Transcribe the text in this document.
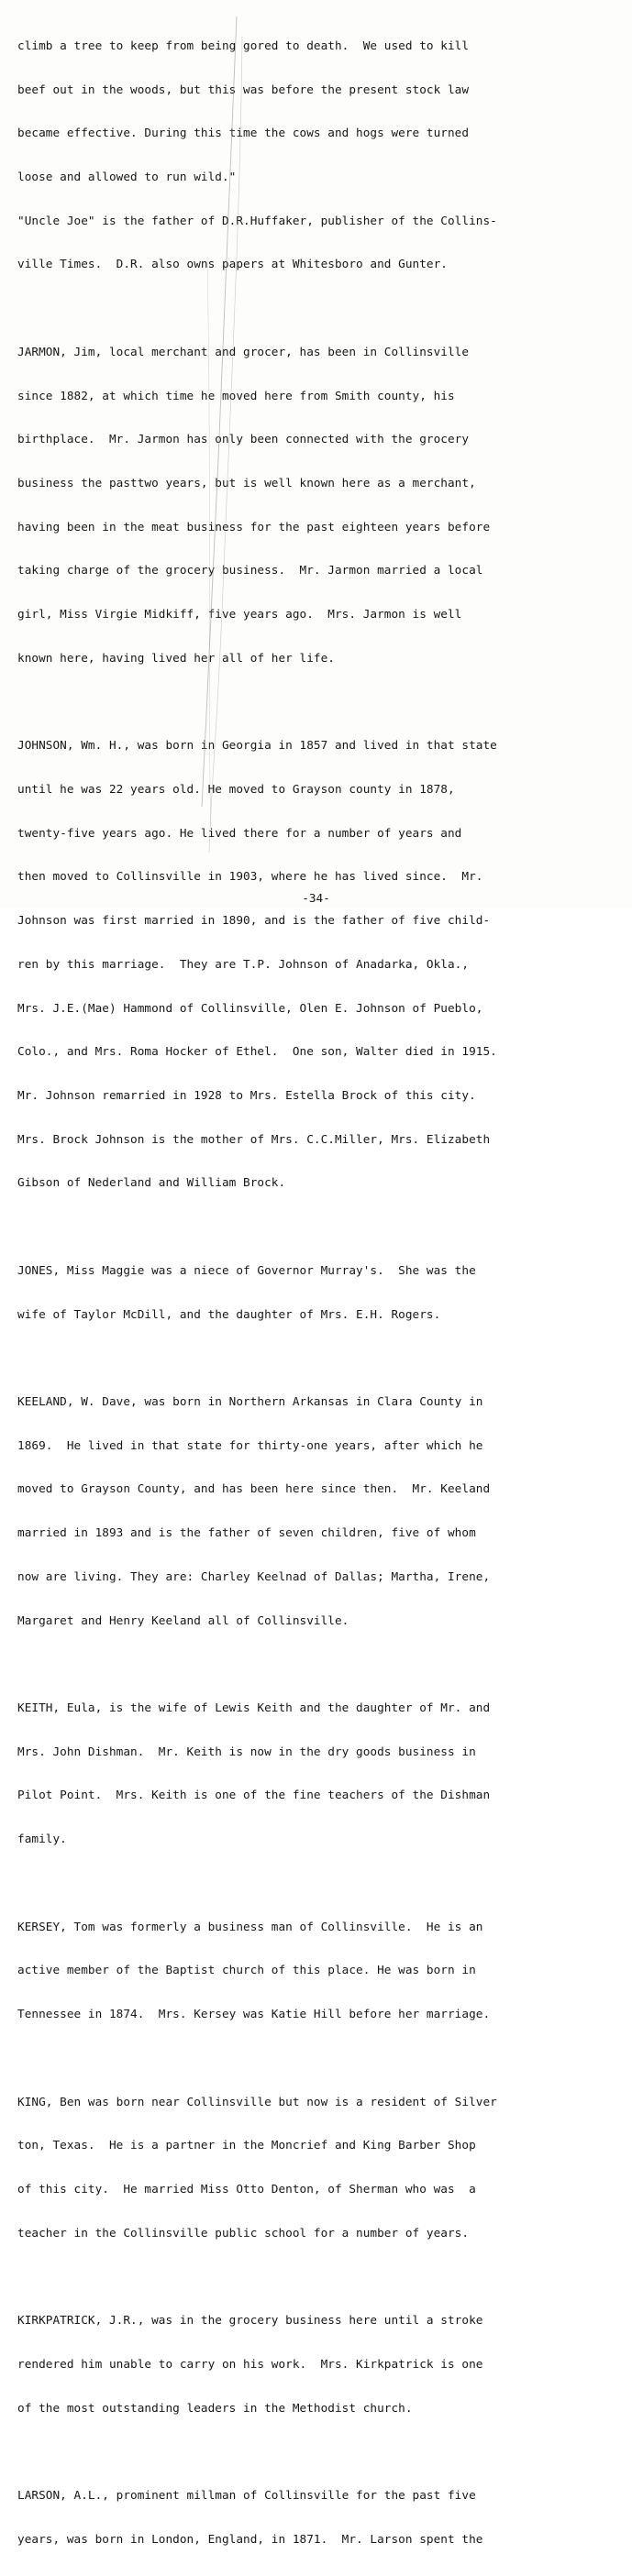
climb a tree to keep from being gored to death.  We used to kill

beef out in the woods, but this was before the present stock law

became effective. During this time the cows and hogs were turned

loose and allowed to run wild."

"Uncle Joe" is the father of D.R.Huffaker, publisher of the Collins-

ville Times.  D.R. also owns papers at Whitesboro and Gunter.

JARMON, Jim, local merchant and grocer, has been in Collinsville

since 1882, at which time he moved here from Smith county, his

birthplace.  Mr. Jarmon has only been connected with the grocery

business the pasttwo years, but is well known here as a merchant,

having been in the meat business for the past eighteen years before

taking charge of the grocery business.  Mr. Jarmon married a local

girl, Miss Virgie Midkiff, five years ago.  Mrs. Jarmon is well

known here, having lived her all of her life.

JOHNSON, Wm. H., was born in Georgia in 1857 and lived in that state

until he was 22 years old. He moved to Grayson county in 1878,

twenty-five years ago. He lived there for a number of years and

then moved to Collinsville in 1903, where he has lived since.  Mr.

Johnson was first married in 1890, and is the father of five child-

ren by this marriage.  They are T.P. Johnson of Anadarka, Okla.,

Mrs. J.E.(Mae) Hammond of Collinsville, Olen E. Johnson of Pueblo,

Colo., and Mrs. Roma Hocker of Ethel.  One son, Walter died in 1915.

Mr. Johnson remarried in 1928 to Mrs. Estella Brock of this city.

Mrs. Brock Johnson is the mother of Mrs. C.C.Miller, Mrs. Elizabeth

Gibson of Nederland and William Brock.

JONES, Miss Maggie was a niece of Governor Murray's.  She was the

wife of Taylor McDill, and the daughter of Mrs. E.H. Rogers.

KEELAND, W. Dave, was born in Northern Arkansas in Clara County in

1869.  He lived in that state for thirty-one years, after which he

moved to Grayson County, and has been here since then.  Mr. Keeland

married in 1893 and is the father of seven children, five of whom

now are living. They are: Charley Keelnad of Dallas; Martha, Irene,

Margaret and Henry Keeland all of Collinsville.

KEITH, Eula, is the wife of Lewis Keith and the daughter of Mr. and

Mrs. John Dishman.  Mr. Keith is now in the dry goods business in

Pilot Point.  Mrs. Keith is one of the fine teachers of the Dishman

family.

KERSEY, Tom was formerly a business man of Collinsville.  He is an

active member of the Baptist church of this place. He was born in

Tennessee in 1874.  Mrs. Kersey was Katie Hill before her marriage.

KING, Ben was born near Collinsville but now is a resident of Silver

ton, Texas.  He is a partner in the Moncrief and King Barber Shop

of this city.  He married Miss Otto Denton, of Sherman who was  a

teacher in the Collinsville public school for a number of years.

KIRKPATRICK, J.R., was in the grocery business here until a stroke

rendered him unable to carry on his work.  Mrs. Kirkpatrick is one

of the most outstanding leaders in the Methodist church.

LARSON, A.L., prominent millman of Collinsville for the past five

years, was born in London, England, in 1871.  Mr. Larson spent the

-34-
